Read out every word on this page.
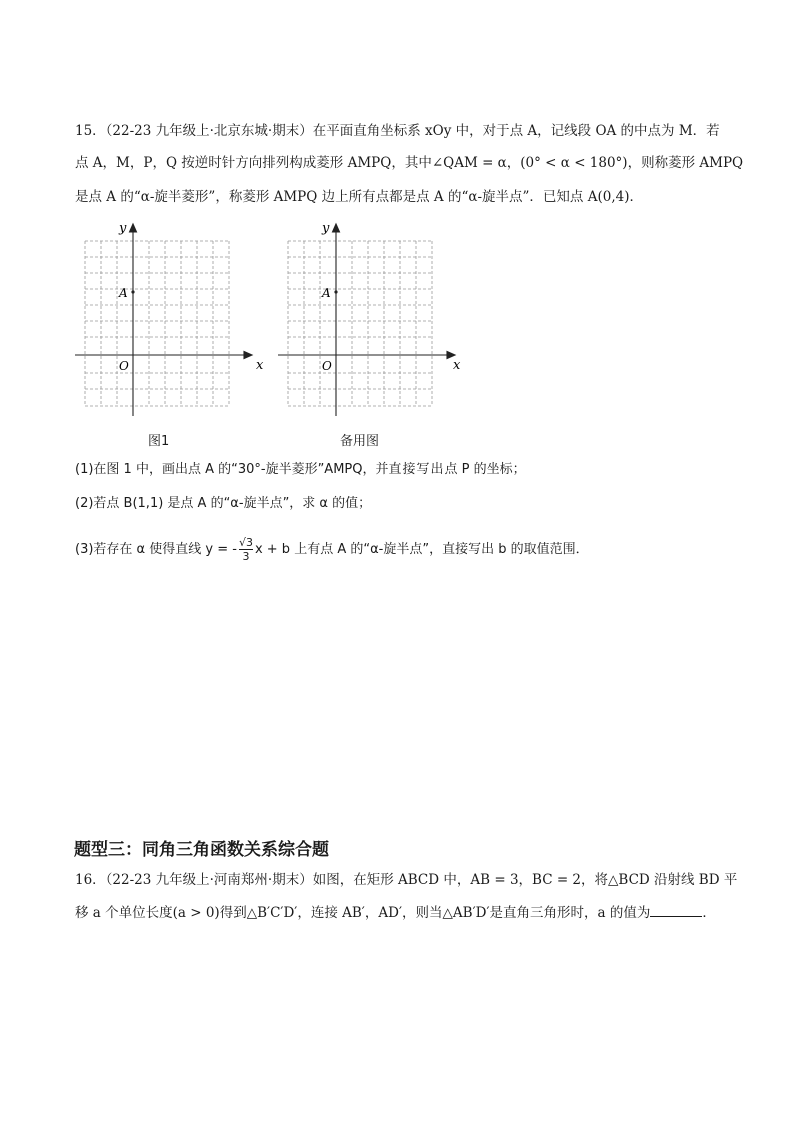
15．（22-23 九年级上·北京东城·期末）在平面直角坐标系 xOy 中，对于点 A，记线段 OA 的中点为 M．若
点 A，M，P，Q 按逆时针方向排列构成菱形 AMPQ，其中∠QAM = α，(0° < α < 180°)，则称菱形 AMPQ
是点 A 的“α-旋半菱形”，称菱形 AMPQ 边上所有点都是点 A 的“α-旋半点”．已知点 A(0,4)．
x
y
A
O
图1
x
y
A
O
备用图
(1)在图 1 中，画出点 A 的“30°-旋半菱形”AMPQ，并直接写出点 P 的坐标；
(2)若点 B(1,1) 是点 A 的“α-旋半点”，求 α 的值；
(3)若存在 α 使得直线 y = - $\frac{√3}{3}$ x + b 上有点 A 的“α-旋半点”，直接写出 b 的取值范围．
题型三：同角三角函数关系综合题
16．（22-23 九年级上·河南郑州·期末）如图，在矩形 ABCD 中，AB = 3，BC = 2，将△BCD 沿射线 BD 平
移 a 个单位长度(a > 0)得到△B′C′D′，连接 AB′，AD′，则当△AB′D′是直角三角形时，a 的值为	．
